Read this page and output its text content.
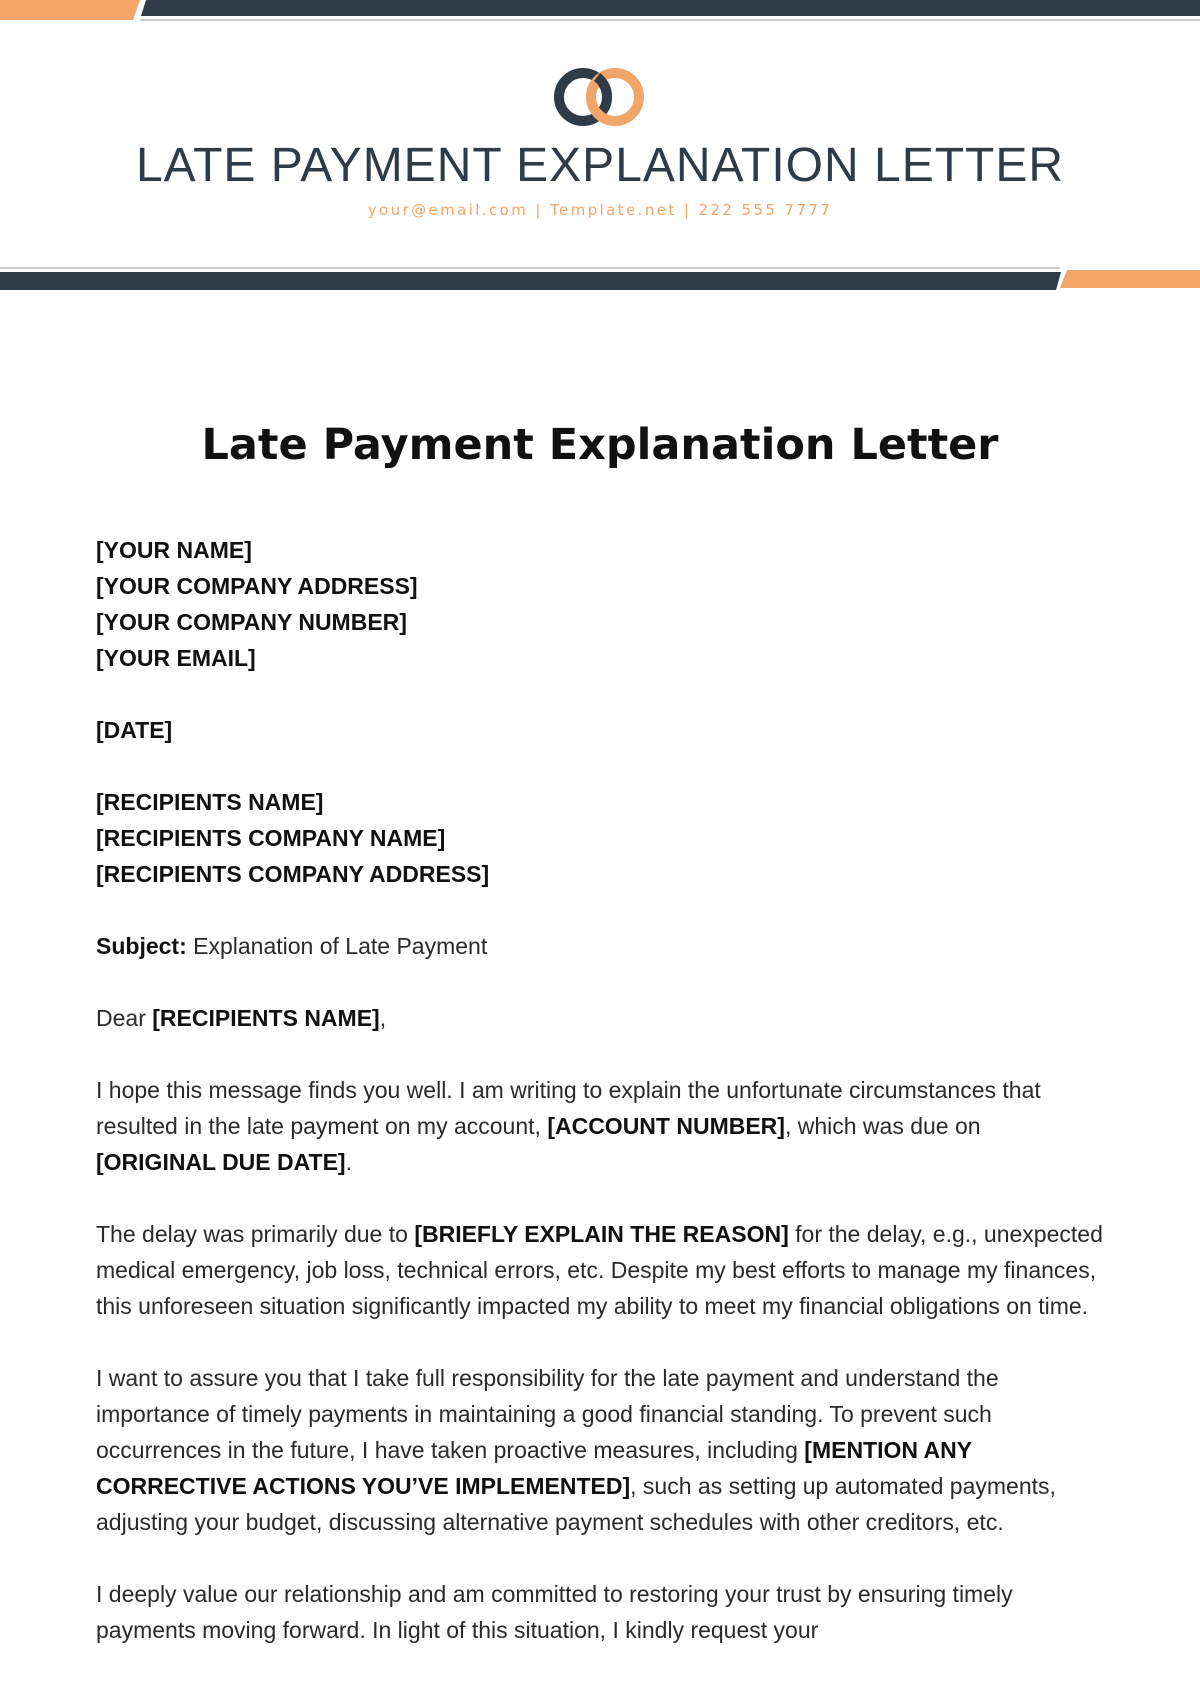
LATE PAYMENT EXPLANATION LETTER
your@email.com | Template.net | 222 555 7777
Late Payment Explanation Letter
[YOUR NAME]
[YOUR COMPANY ADDRESS]
[YOUR COMPANY NUMBER]
[YOUR EMAIL]
[DATE]
[RECIPIENTS NAME]
[RECIPIENTS COMPANY NAME]
[RECIPIENTS COMPANY ADDRESS]

Subject: Explanation of Late Payment

Dear [RECIPIENTS NAME],

I hope this message finds you well. I am writing to explain the unfortunate circumstances that resulted in the late payment on my account, [ACCOUNT NUMBER], which was due on [ORIGINAL DUE DATE].

The delay was primarily due to [BRIEFLY EXPLAIN THE REASON] for the delay, e.g., unexpected medical emergency, job loss, technical errors, etc. Despite my best efforts to manage my finances, this unforeseen situation significantly impacted my ability to meet my financial obligations on time.

I want to assure you that I take full responsibility for the late payment and understand the importance of timely payments in maintaining a good financial standing. To prevent such occurrences in the future, I have taken proactive measures, including [MENTION ANY CORRECTIVE ACTIONS YOU’VE IMPLEMENTED], such as setting up automated payments, adjusting your budget, discussing alternative payment schedules with other creditors, etc.

I deeply value our relationship and am committed to restoring your trust by ensuring timely payments moving forward. In light of this situation, I kindly request your
